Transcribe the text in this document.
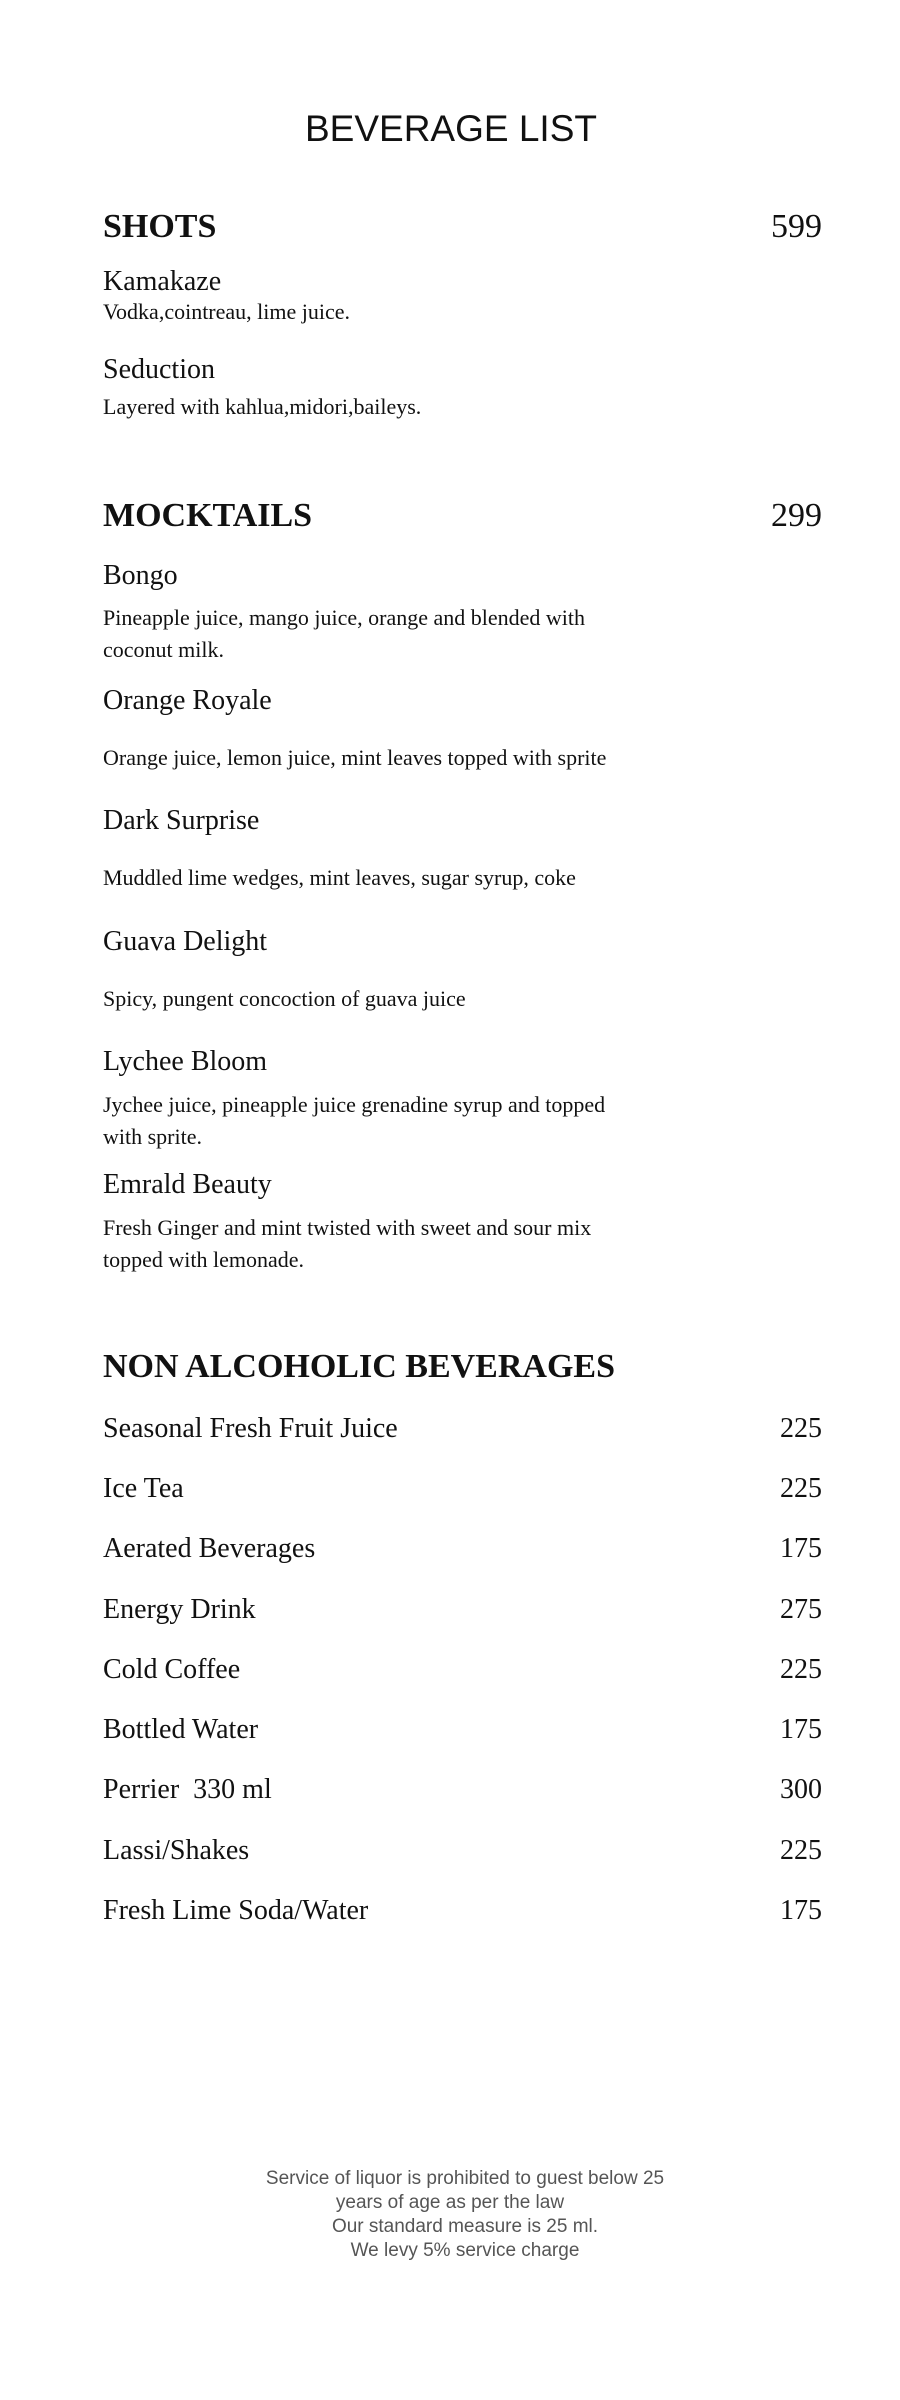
BEVERAGE LIST
SHOTS	599
Kamakaze
Vodka,cointreau, lime juice.
Seduction
Layered with kahlua,midori,baileys.
MOCKTAILS	299
Bongo
Pineapple juice, mango juice, orange and blended with
coconut milk.
Orange Royale
Orange juice, lemon juice, mint leaves topped with sprite
Dark Surprise
Muddled lime wedges, mint leaves, sugar syrup, coke
Guava Delight
Spicy, pungent concoction of guava juice
Lychee Bloom
Jychee juice, pineapple juice grenadine syrup and topped
with sprite.
Emrald Beauty
Fresh Ginger and mint twisted with sweet and sour mix
topped with lemonade.
NON ALCOHOLIC BEVERAGES
Seasonal Fresh Fruit Juice	225
Ice Tea	225
Aerated Beverages	175
Energy Drink	275
Cold Coffee	225
Bottled Water	175
Perrier  330 ml	300
Lassi/Shakes	225
Fresh Lime Soda/Water	175
Service of liquor is prohibited to guest below 25
years of age as per the law
Our standard measure is 25 ml.
We levy 5% service charge
